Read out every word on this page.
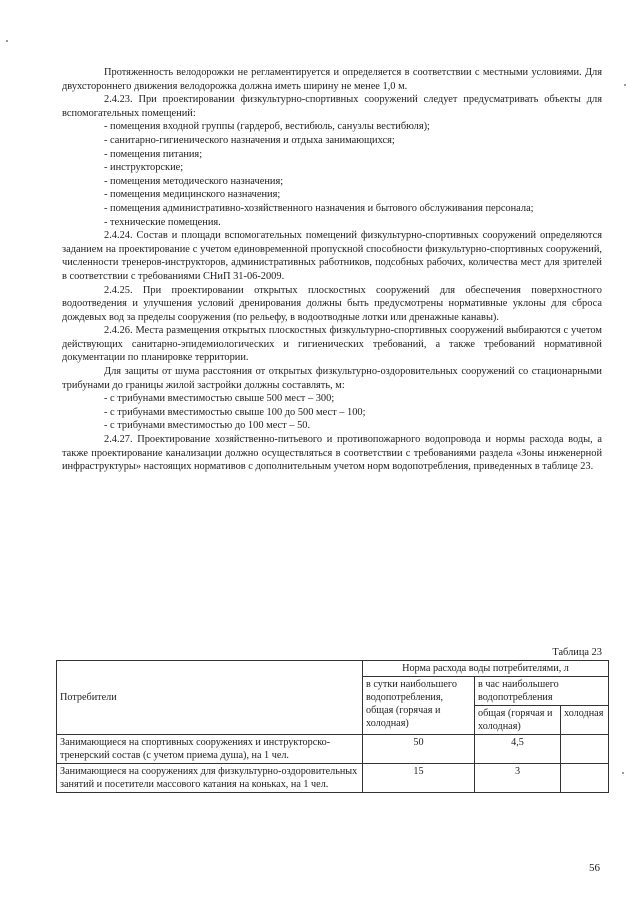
Протяженность велодорожки не регламентируется и определяется в соответствии с местными условиями. Для двухстороннего движения велодорожка должна иметь ширину не менее 1,0 м.

2.4.23. При проектировании физкультурно-спортивных сооружений следует предусматривать объекты для вспомогательных помещений:

- помещения входной группы (гардероб, вестибюль, санузлы вестибюля);

- санитарно-гигиенического назначения и отдыха занимающихся;

- помещения питания;

- инструкторские;

- помещения методического назначения;

- помещения медицинского назначения;

- помещения административно-хозяйственного назначения и бытового обслуживания персонала;

- технические помещения.

2.4.24. Состав и площади вспомогательных помещений физкультурно-спортивных сооружений определяются заданием на проектирование с учетом единовременной пропускной способности физкультурно-спортивных сооружений, численности тренеров-инструкторов, административных работников, подсобных рабочих, количества мест для зрителей в соответствии с требованиями СНиП 31-06-2009.

2.4.25. При проектировании открытых плоскостных сооружений для обеспечения поверхностного водоотведения и улучшения условий дренирования должны быть предусмотрены нормативные уклоны для сброса дождевых вод за пределы сооружения (по рельефу, в водоотводные лотки или дренажные канавы).

2.4.26. Места размещения открытых плоскостных физкультурно-спортивных сооружений выбираются с учетом действующих санитарно-эпидемиологических и гигиенических требований, а также требований нормативной документации по планировке территории.

Для защиты от шума расстояния от открытых физкультурно-оздоровительных сооружений со стационарными трибунами до границы жилой застройки должны составлять, м:

- с трибунами вместимостью свыше 500 мест – 300;

- с трибунами вместимостью свыше 100 до 500 мест – 100;

- с трибунами вместимостью до 100 мест – 50.

2.4.27. Проектирование хозяйственно-питьевого и противопожарного водопровода и нормы расхода воды, а также проектирование канализации должно осуществляться в соответствии с требованиями раздела «Зоны инженерной инфраструктуры» настоящих нормативов с дополнительным учетом норм водопотребления, приведенных в таблице 23.

Таблица 23
Потребители	Норма расхода воды потребителями, л		
	в сутки наибольшего водопотребления, общая (горячая и холодная)	в час наибольшего водопотребления	
		общая (горячая и холодная)	холодная
Занимающиеся на спортивных сооружениях и инструкторско-тренерский состав (с учетом приема душа), на 1 чел.	50	4,5	
Занимающиеся на сооружениях для физкультурно-оздоровительных занятий и посетители массового катания на коньках, на 1 чел.	15	3	
56
